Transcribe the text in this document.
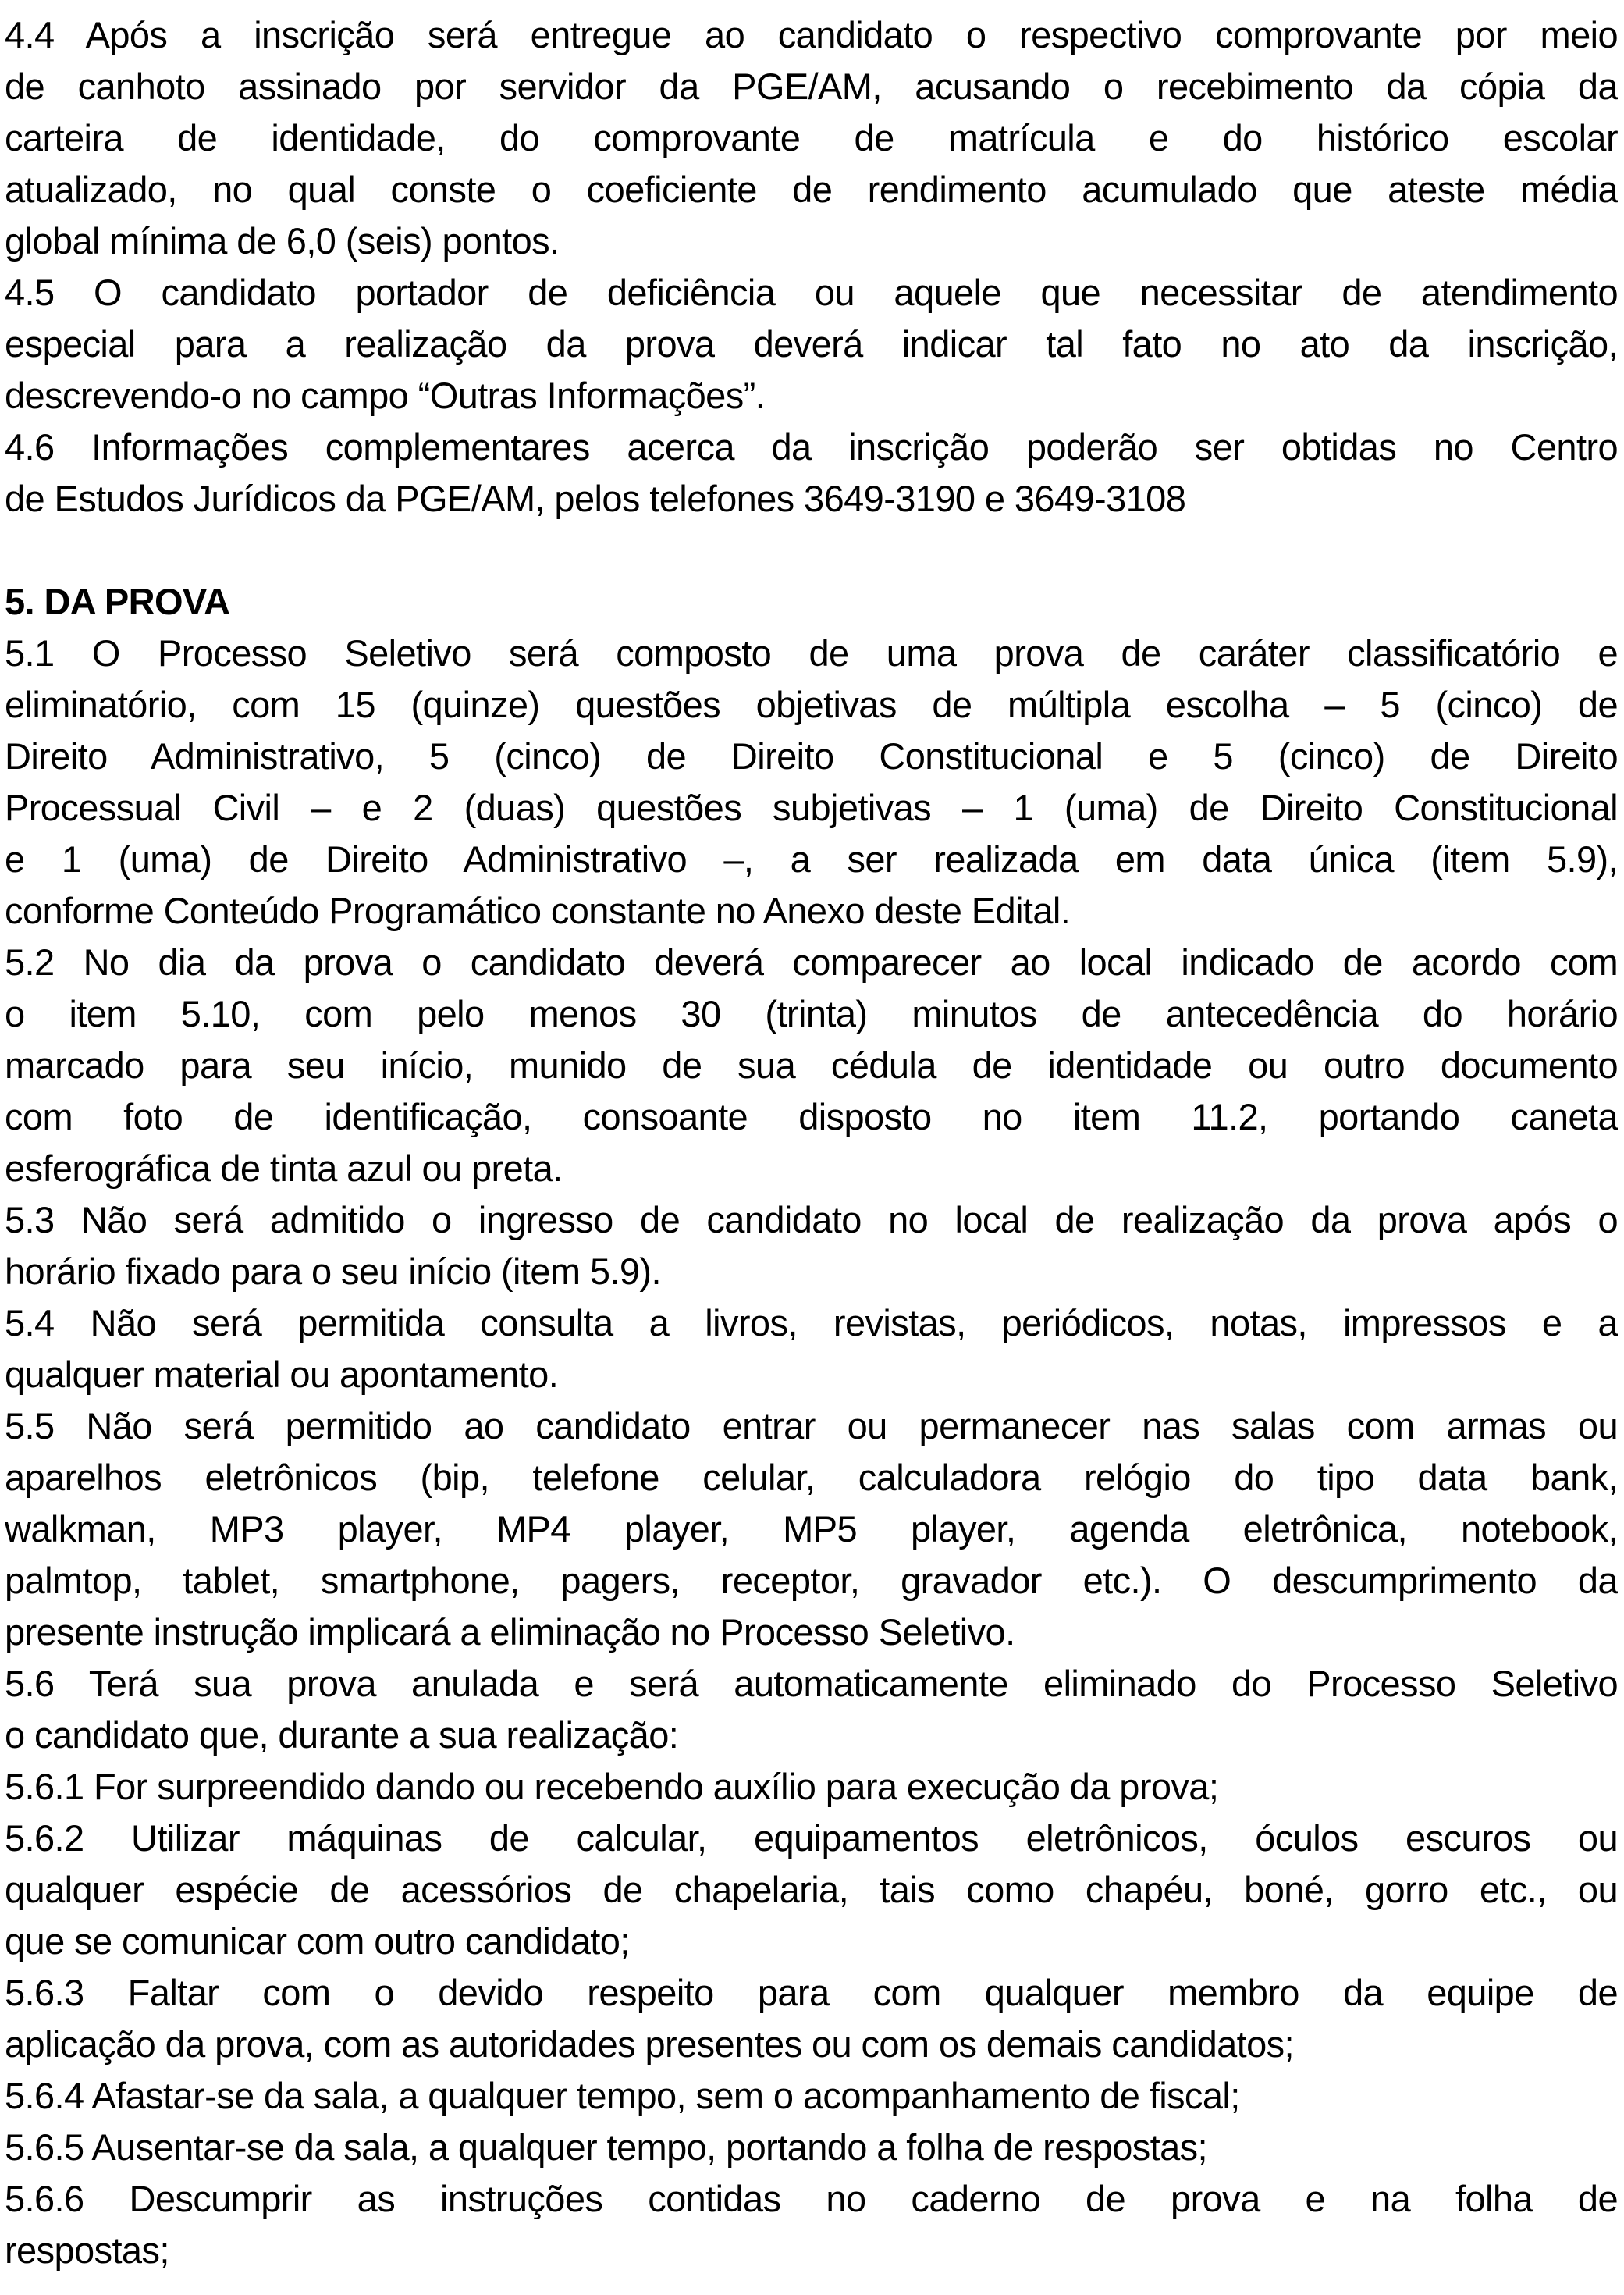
4.4 Após a inscrição será entregue ao candidato o respectivo comprovante por meio
de canhoto assinado por servidor da PGE/AM, acusando o recebimento da cópia da
carteira de identidade, do comprovante de matrícula e do histórico escolar
atualizado, no qual conste o coeficiente de rendimento acumulado que ateste média
global mínima de 6,0 (seis) pontos.
4.5 O candidato portador de deficiência ou aquele que necessitar de atendimento
especial para a realização da prova deverá indicar tal fato no ato da inscrição,
descrevendo-o no campo “Outras Informações”.
4.6 Informações complementares acerca da inscrição poderão ser obtidas no Centro
de Estudos Jurídicos da PGE/AM, pelos telefones 3649-3190 e 3649-3108
5. DA PROVA
5.1 O Processo Seletivo será composto de uma prova de caráter classificatório e
eliminatório, com 15 (quinze) questões objetivas de múltipla escolha – 5 (cinco) de
Direito Administrativo, 5 (cinco) de Direito Constitucional e 5 (cinco) de Direito
Processual Civil – e 2 (duas) questões subjetivas – 1 (uma) de Direito Constitucional
e 1 (uma) de Direito Administrativo –, a ser realizada em data única (item 5.9),
conforme Conteúdo Programático constante no Anexo deste Edital.
5.2 No dia da prova o candidato deverá comparecer ao local indicado de acordo com
o item 5.10, com pelo menos 30 (trinta) minutos de antecedência do horário
marcado para seu início, munido de sua cédula de identidade ou outro documento
com foto de identificação, consoante disposto no item 11.2, portando caneta
esferográfica de tinta azul ou preta.
5.3 Não será admitido o ingresso de candidato no local de realização da prova após o
horário fixado para o seu início (item 5.9).
5.4 Não será permitida consulta a livros, revistas, periódicos, notas, impressos e a
qualquer material ou apontamento.
5.5 Não será permitido ao candidato entrar ou permanecer nas salas com armas ou
aparelhos eletrônicos (bip, telefone celular, calculadora relógio do tipo data bank,
walkman, MP3 player, MP4 player, MP5 player, agenda eletrônica, notebook,
palmtop, tablet, smartphone, pagers, receptor, gravador etc.). O descumprimento da
presente instrução implicará a eliminação no Processo Seletivo.
5.6 Terá sua prova anulada e será automaticamente eliminado do Processo Seletivo
o candidato que, durante a sua realização:
5.6.1 For surpreendido dando ou recebendo auxílio para execução da prova;
5.6.2 Utilizar máquinas de calcular, equipamentos eletrônicos, óculos escuros ou
qualquer espécie de acessórios de chapelaria, tais como chapéu, boné, gorro etc., ou
que se comunicar com outro candidato;
5.6.3 Faltar com o devido respeito para com qualquer membro da equipe de
aplicação da prova, com as autoridades presentes ou com os demais candidatos;
5.6.4 Afastar-se da sala, a qualquer tempo, sem o acompanhamento de fiscal;
5.6.5 Ausentar-se da sala, a qualquer tempo, portando a folha de respostas;
5.6.6 Descumprir as instruções contidas no caderno de prova e na folha de
respostas;
